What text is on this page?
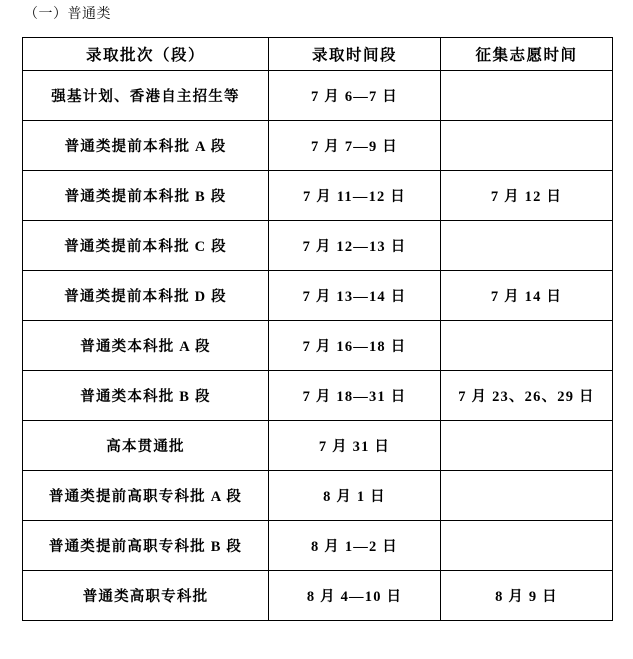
（一）普通类
录取批次（段）	录取时间段	征集志愿时间
强基计划、香港自主招生等	7 月 6—7 日	
普通类提前本科批 A 段	7 月 7—9 日	
普通类提前本科批 B 段	7 月 11—12 日	7 月 12 日
普通类提前本科批 C 段	7 月 12—13 日	
普通类提前本科批 D 段	7 月 13—14 日	7 月 14 日
普通类本科批 A 段	7 月 16—18 日	
普通类本科批 B 段	7 月 18—31 日	7 月 23、26、29 日
高本贯通批	7 月 31 日	
普通类提前高职专科批 A 段	8 月 1 日	
普通类提前高职专科批 B 段	8 月 1—2 日	
普通类高职专科批	8 月 4—10 日	8 月 9 日
